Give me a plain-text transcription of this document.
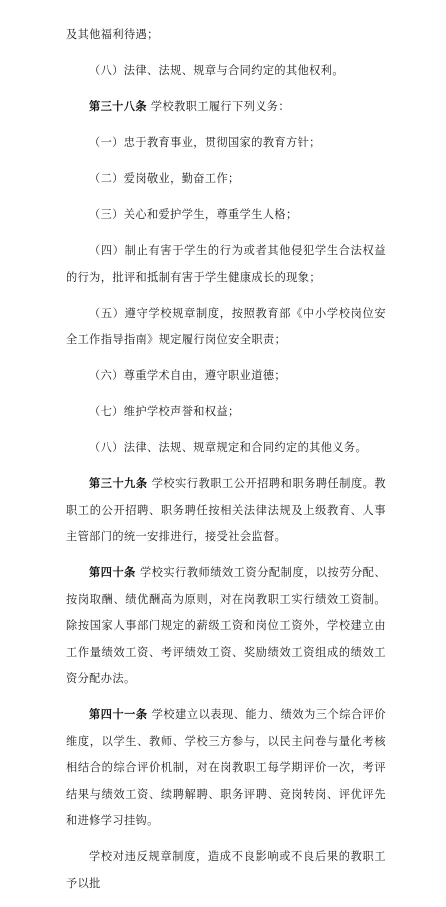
及其他福利待遇；

（八）法律、法规、规章与合同约定的其他权利。

第三十八条 学校教职工履行下列义务：

（一）忠于教育事业，贯彻国家的教育方针；

（二）爱岗敬业，勤奋工作；

（三）关心和爱护学生，尊重学生人格；

（四）制止有害于学生的行为或者其他侵犯学生合法权益的行为，批评和抵制有害于学生健康成长的现象；

（五）遵守学校规章制度，按照教育部《中小学校岗位安全工作指导指南》规定履行岗位安全职责；

（六）尊重学术自由，遵守职业道德；

（七）维护学校声誉和权益；

（八）法律、法规、规章规定和合同约定的其他义务。

第三十九条 学校实行教职工公开招聘和职务聘任制度。教职工的公开招聘、职务聘任按相关法律法规及上级教育、人事主管部门的统一安排进行，接受社会监督。

第四十条 学校实行教师绩效工资分配制度，以按劳分配、按岗取酬、绩优酬高为原则，对在岗教职工实行绩效工资制。除按国家人事部门规定的薪级工资和岗位工资外，学校建立由工作量绩效工资、考评绩效工资、奖励绩效工资组成的绩效工资分配办法。

第四十一条 学校建立以表现、能力、绩效为三个综合评价维度，以学生、教师、学校三方参与，以民主问卷与量化考核相结合的综合评价机制，对在岗教职工每学期评价一次，考评结果与绩效工资、续聘解聘、职务评聘、竞岗转岗、评优评先和进修学习挂钩。

学校对违反规章制度，造成不良影响或不良后果的教职工予以批
